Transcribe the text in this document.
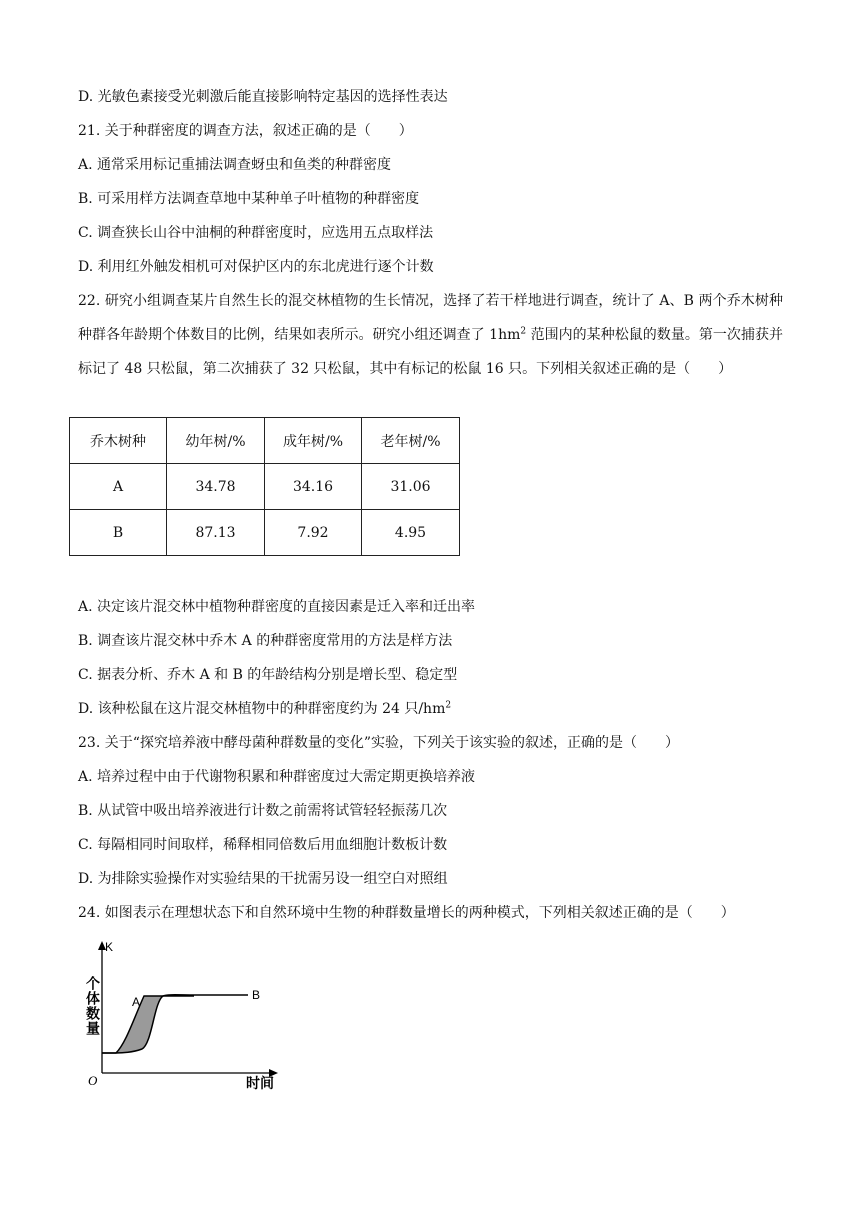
D. 光敏色素接受光刺激后能直接影响特定基因的选择性表达
21. 关于种群密度的调查方法，叙述正确的是（　　）
A. 通常采用标记重捕法调查蚜虫和鱼类的种群密度
B. 可采用样方法调查草地中某种单子叶植物的种群密度
C. 调查狭长山谷中油桐的种群密度时，应选用五点取样法
D. 利用红外触发相机可对保护区内的东北虎进行逐个计数
22. 研究小组调查某片自然生长的混交林植物的生长情况，选择了若干样地进行调查，统计了 A、B 两个乔木树种种群各年龄期个体数目的比例，结果如表所示。研究小组还调查了 $1hm^2$ 范围内的某种松鼠的数量。第一次捕获并标记了 48 只松鼠，第二次捕获了 32 只松鼠，其中有标记的松鼠 16 只。下列相关叙述正确的是（　　）
乔木树种	幼年树/%	成年树/%	老年树/%
A	34.78	34.16	31.06
B	87.13	7.92	4.95
A. 决定该片混交林中植物种群密度的直接因素是迁入率和迁出率
B. 调查该片混交林中乔木 A 的种群密度常用的方法是样方法
C. 据表分析、乔木 A 和 B 的年龄结构分别是增长型、稳定型
D. 该种松鼠在这片混交林植物中的种群密度约为 24 只$/hm^2$
23. 关于“探究培养液中酵母菌种群数量的变化”实验，下列关于该实验的叙述，正确的是（　　）
A. 培养过程中由于代谢物积累和种群密度过大需定期更换培养液
B. 从试管中吸出培养液进行计数之前需将试管轻轻振荡几次
C. 每隔相同时间取样，稀释相同倍数后用血细胞计数板计数
D. 为排除实验操作对实验结果的干扰需另设一组空白对照组
24. 如图表示在理想状态下和自然环境中生物的种群数量增长的两种模式，下列相关叙述正确的是（　　）
K
A	B
O	时间
个体数量
